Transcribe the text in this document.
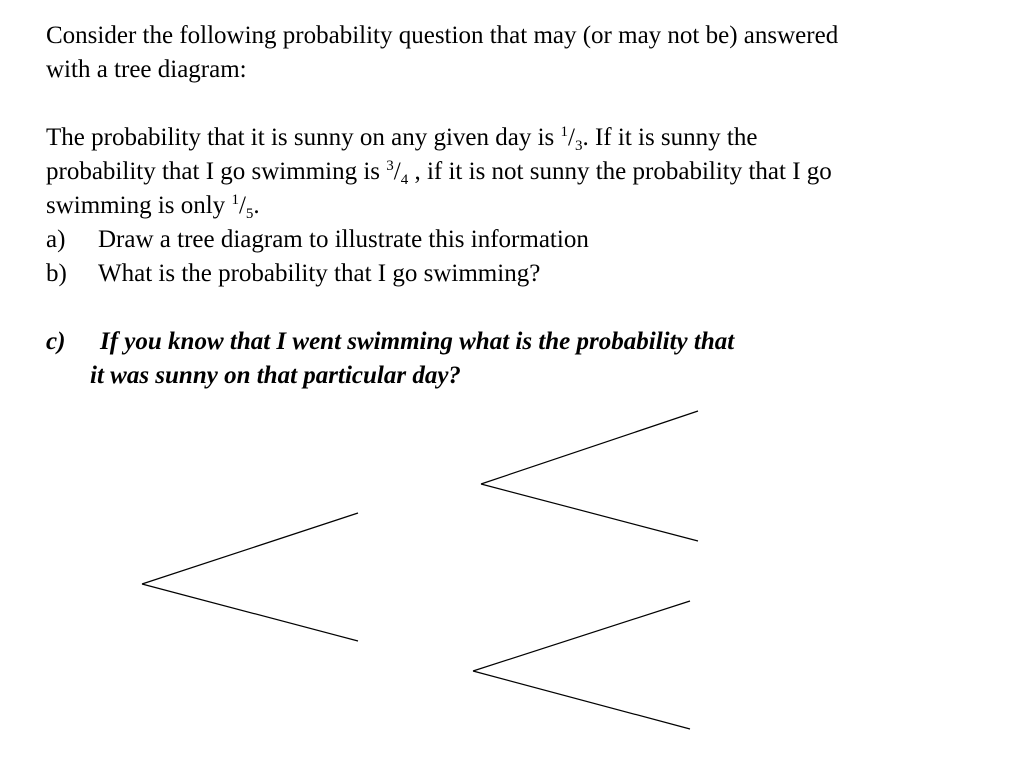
Consider the following probability question that may (or may not be) answered
with a tree diagram:

The probability that it is sunny on any given day is $^1/_3$. If it is sunny the
probability that I go swimming is $^3/_4$ , if it is not sunny the probability that I go
swimming is only $^1/_5$.

a) Draw a tree diagram to illustrate this information

b) What is the probability that I go swimming?

c) If you know that I went swimming what is the probability that
it was sunny on that particular day?
